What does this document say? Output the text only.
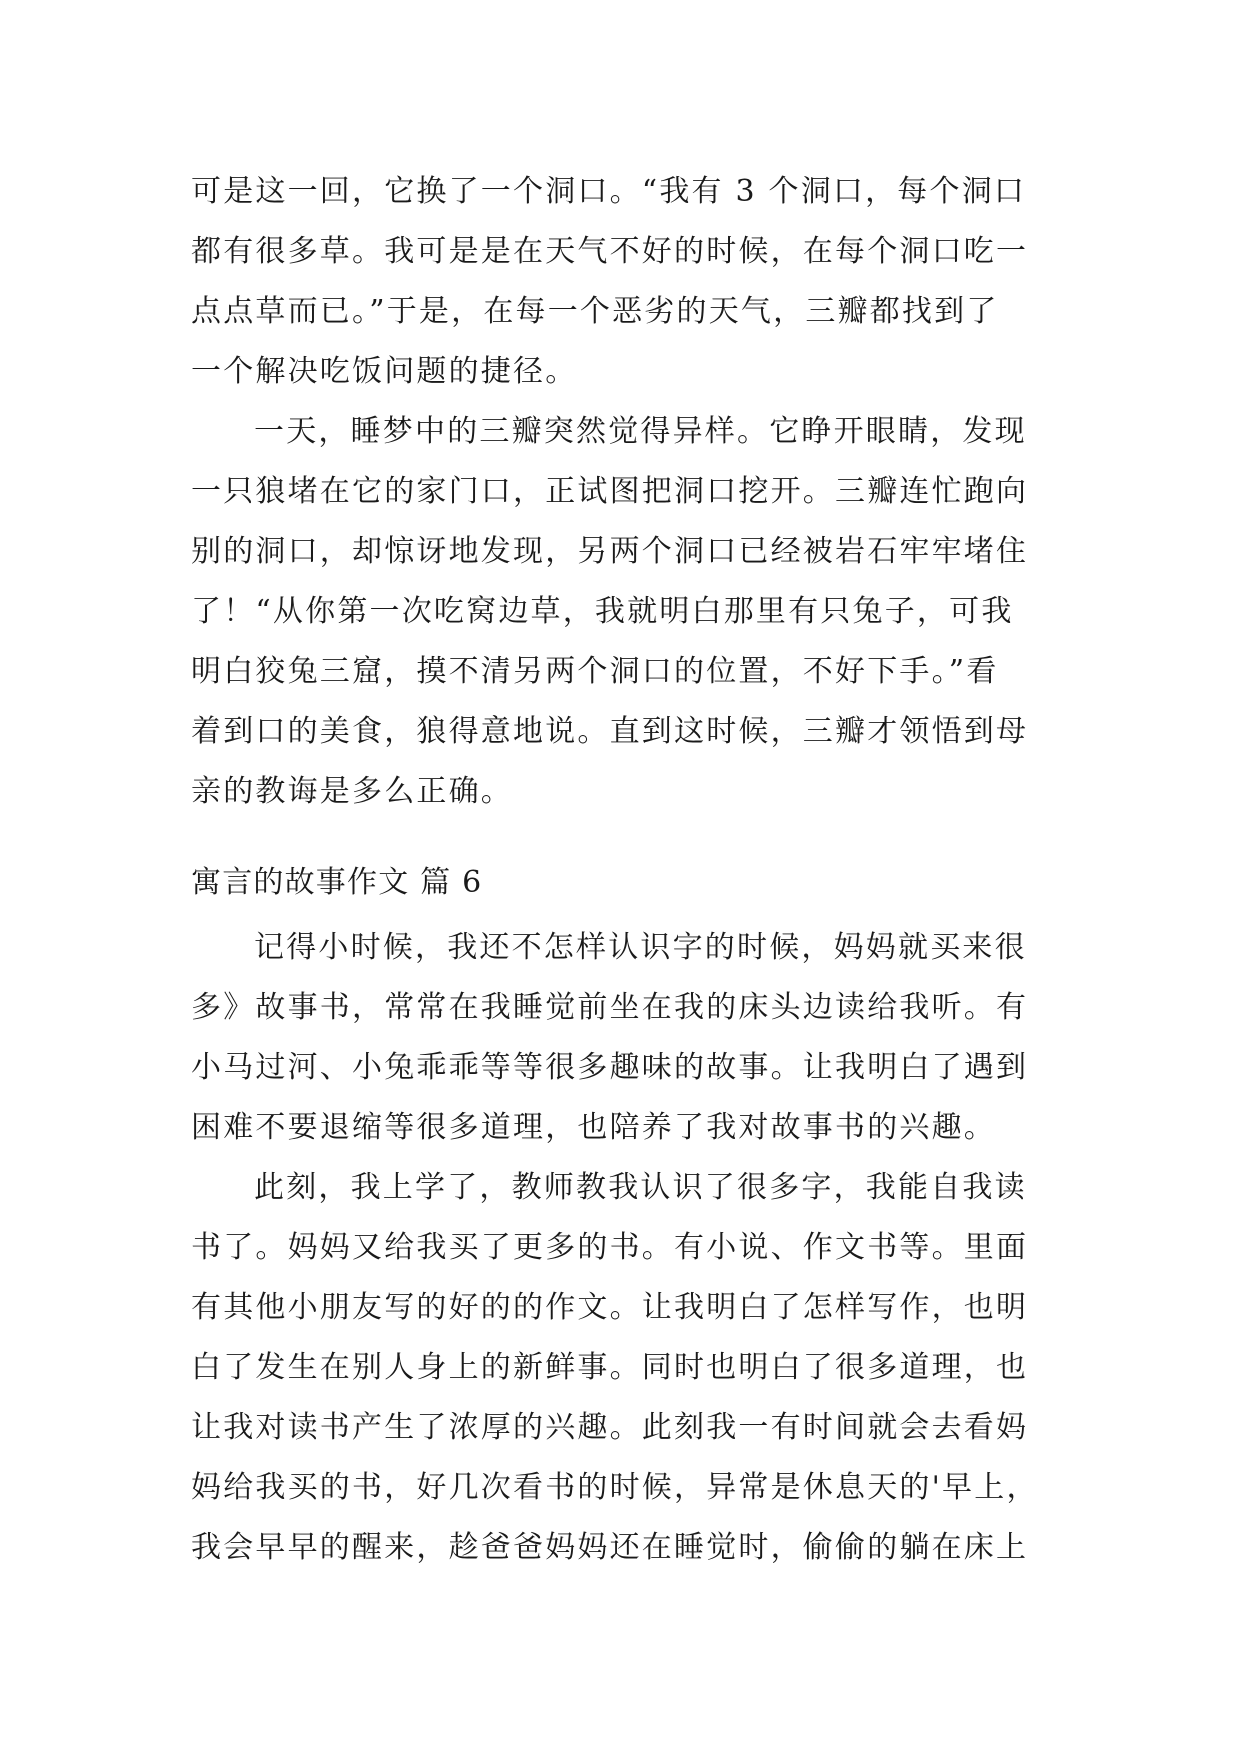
可是这一回，它换了一个洞口。“我有 3 个洞口，每个洞口
都有很多草。我可是是在天气不好的时候，在每个洞口吃一
点点草而已。”于是，在每一个恶劣的天气，三瓣都找到了
一个解决吃饭问题的捷径。
一天，睡梦中的三瓣突然觉得异样。它睁开眼睛，发现
一只狼堵在它的家门口，正试图把洞口挖开。三瓣连忙跑向
别的洞口，却惊讶地发现，另两个洞口已经被岩石牢牢堵住
了！“从你第一次吃窝边草，我就明白那里有只兔子，可我
明白狡兔三窟，摸不清另两个洞口的位置，不好下手。”看
着到口的美食，狼得意地说。直到这时候，三瓣才领悟到母
亲的教诲是多么正确。
寓言的故事作文 篇 6
记得小时候，我还不怎样认识字的时候，妈妈就买来很
多》故事书，常常在我睡觉前坐在我的床头边读给我听。有
小马过河、小兔乖乖等等很多趣味的故事。让我明白了遇到
困难不要退缩等很多道理，也陪养了我对故事书的兴趣。
此刻，我上学了，教师教我认识了很多字，我能自我读
书了。妈妈又给我买了更多的书。有小说、作文书等。里面
有其他小朋友写的好的的作文。让我明白了怎样写作，也明
白了发生在别人身上的新鲜事。同时也明白了很多道理，也
让我对读书产生了浓厚的兴趣。此刻我一有时间就会去看妈
妈给我买的书，好几次看书的时候，异常是休息天的'早上，
我会早早的醒来，趁爸爸妈妈还在睡觉时，偷偷的躺在床上
